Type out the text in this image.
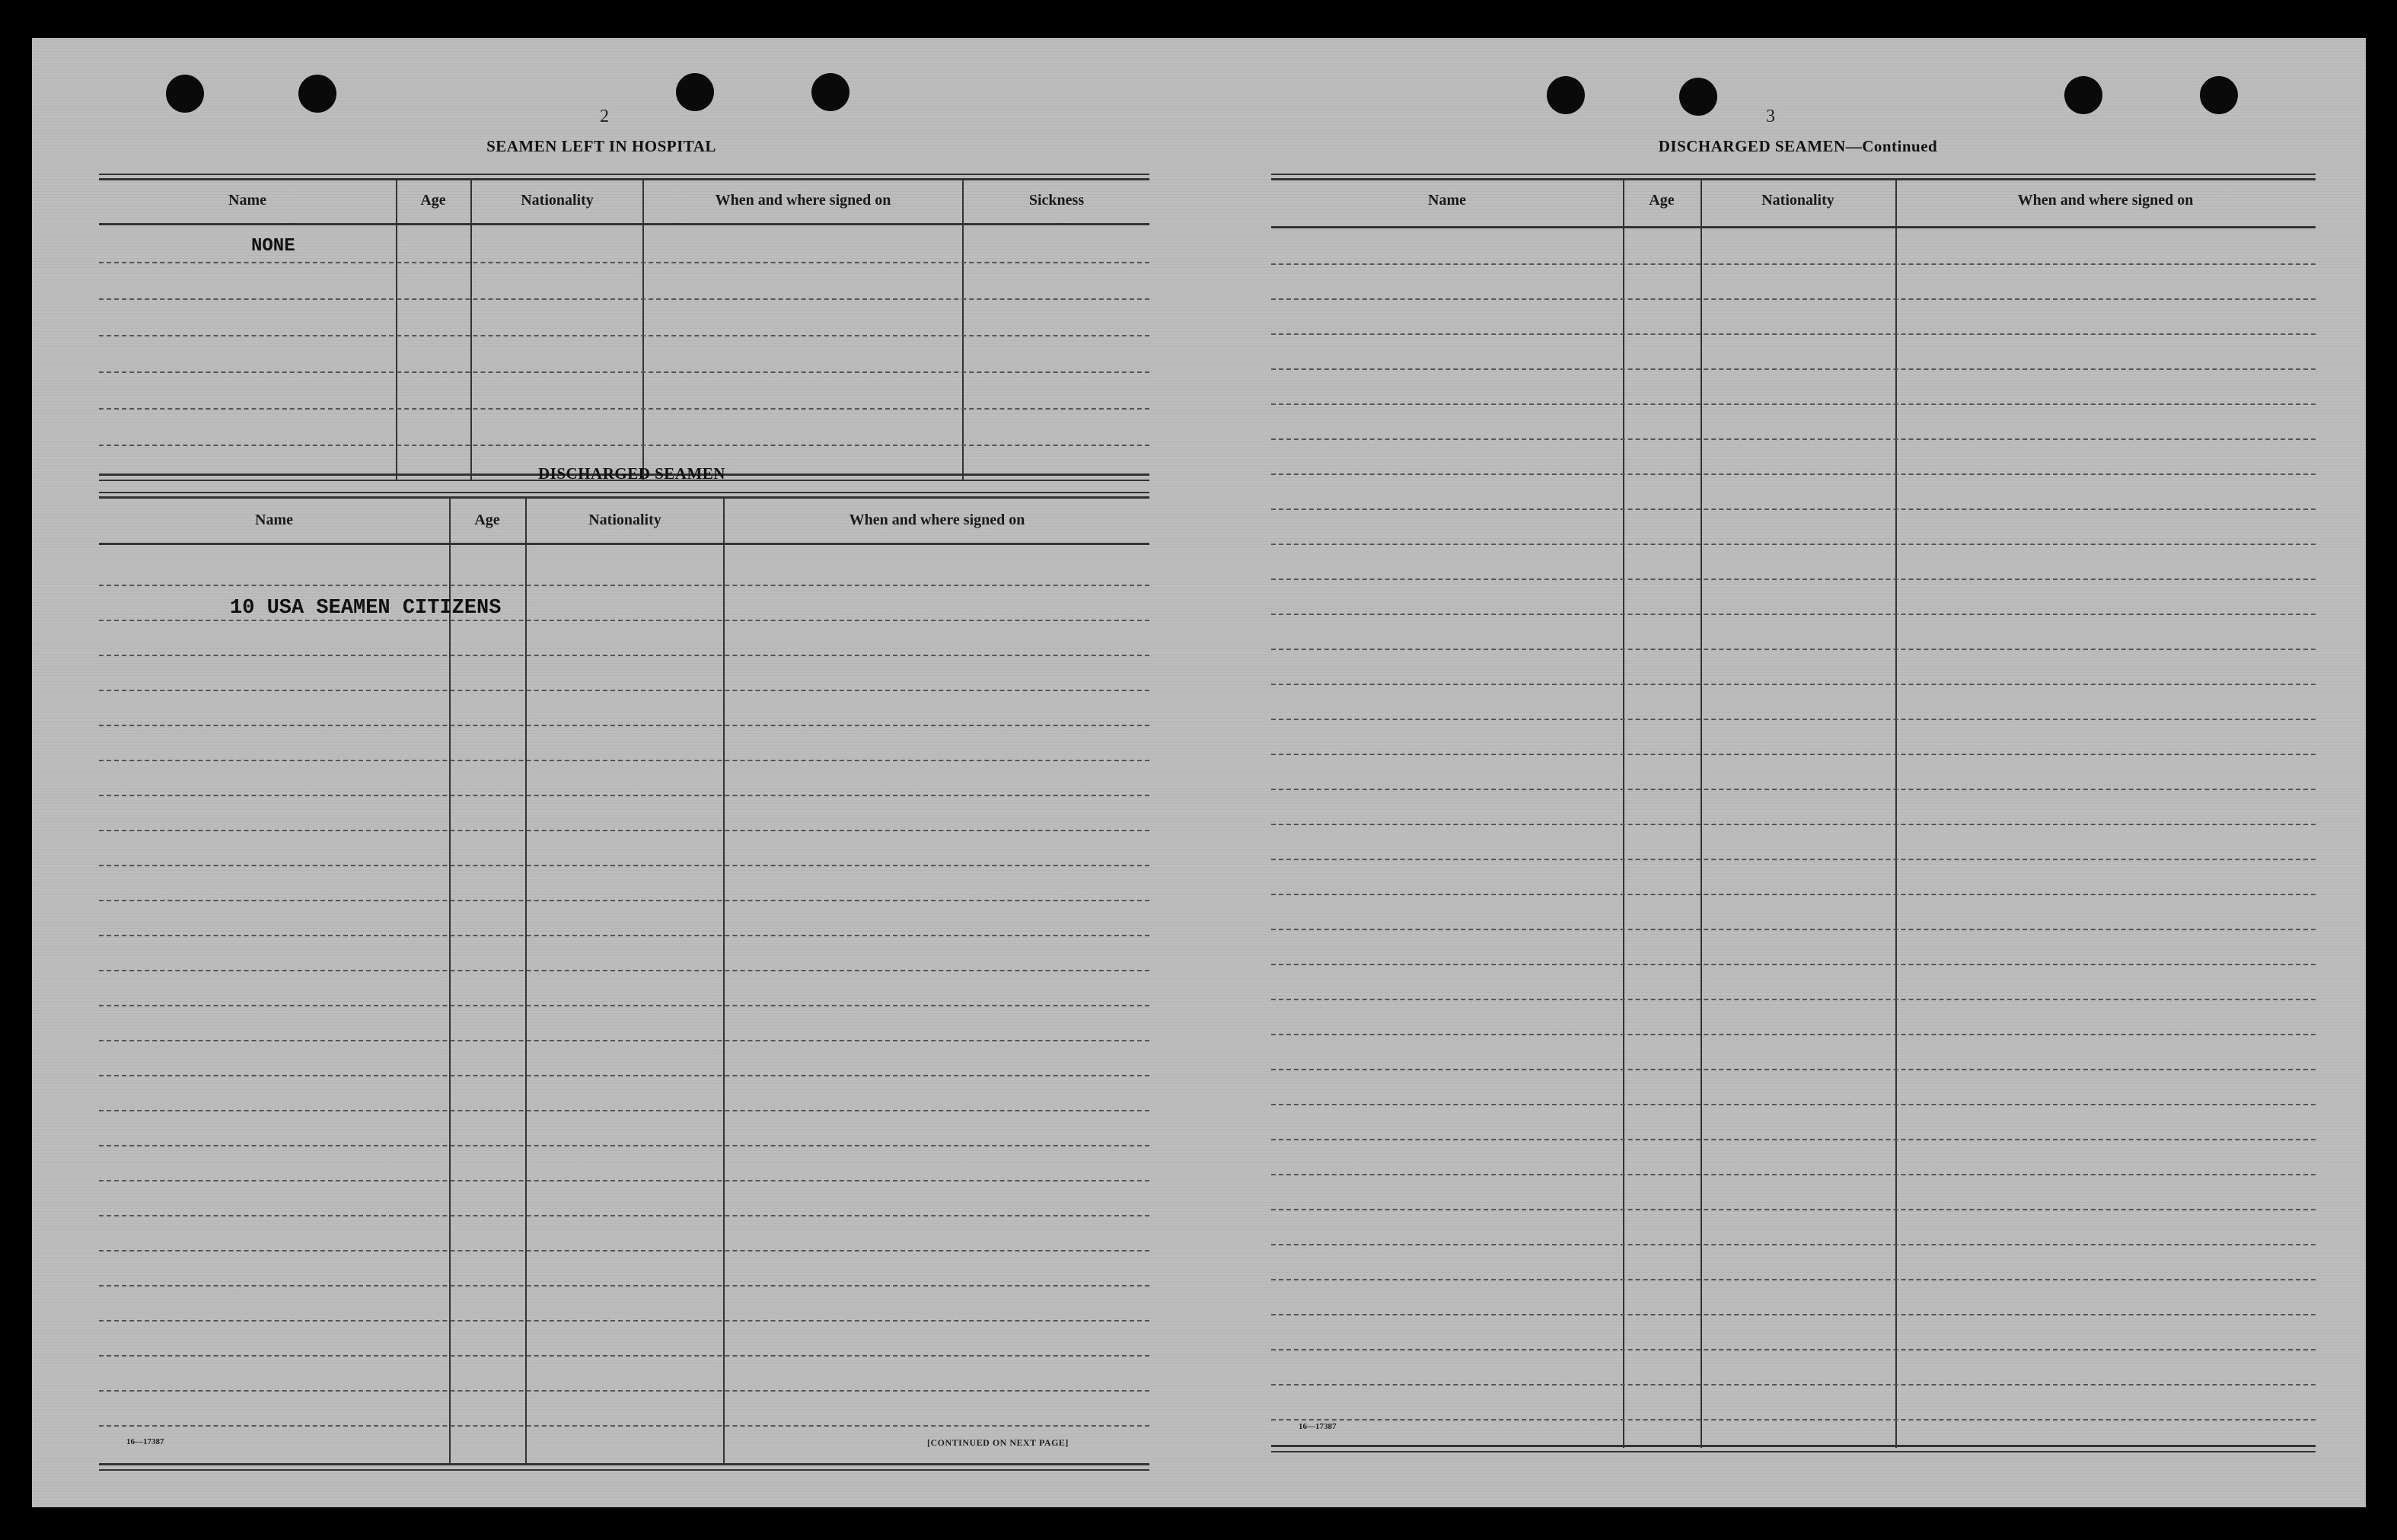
2
SEAMEN LEFT IN HOSPITAL
Name	Age	Nationality	When and where signed on	Sickness
NONE
DISCHARGED SEAMEN
Name	Age	Nationality	When and where signed on
10 USA SEAMEN CITIZENS
16—17387	[CONTINUED ON NEXT PAGE]
3
DISCHARGED SEAMEN—Continued
Name	Age	Nationality	When and where signed on
16—17387
